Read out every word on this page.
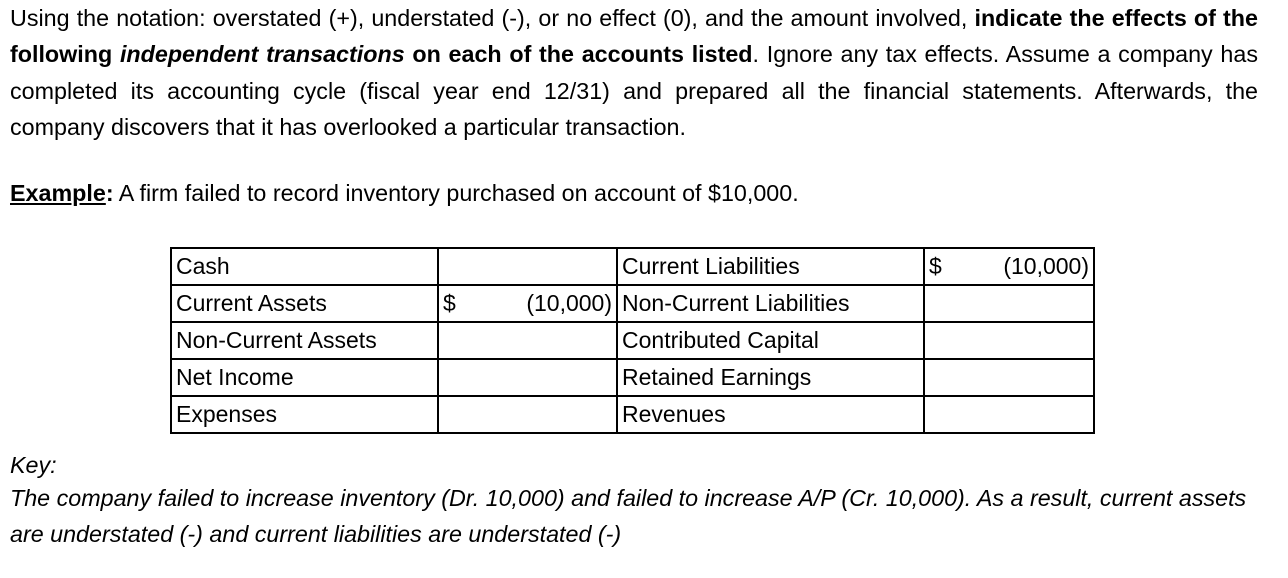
Using the notation: overstated (+), understated (-), or no effect (0), and the amount involved, indicate the effects of the following independent transactions on each of the accounts listed. Ignore any tax effects. Assume a company has completed its accounting cycle (fiscal year end 12/31) and prepared all the financial statements. Afterwards, the company discovers that it has overlooked a particular transaction.

Example: A firm failed to record inventory purchased on account of $10,000.
Cash		Current Liabilities	$ (10,000)

Current Assets	$ (10,000)	Non-Current Liabilities	

Non-Current Assets		Contributed Capital	

Net Income		Retained Earnings	

Expenses		Revenues	
Key:

The company failed to increase inventory (Dr. 10,000) and failed to increase A/P (Cr. 10,000). As a result, current assets are understated (-) and current liabilities are understated (-)
